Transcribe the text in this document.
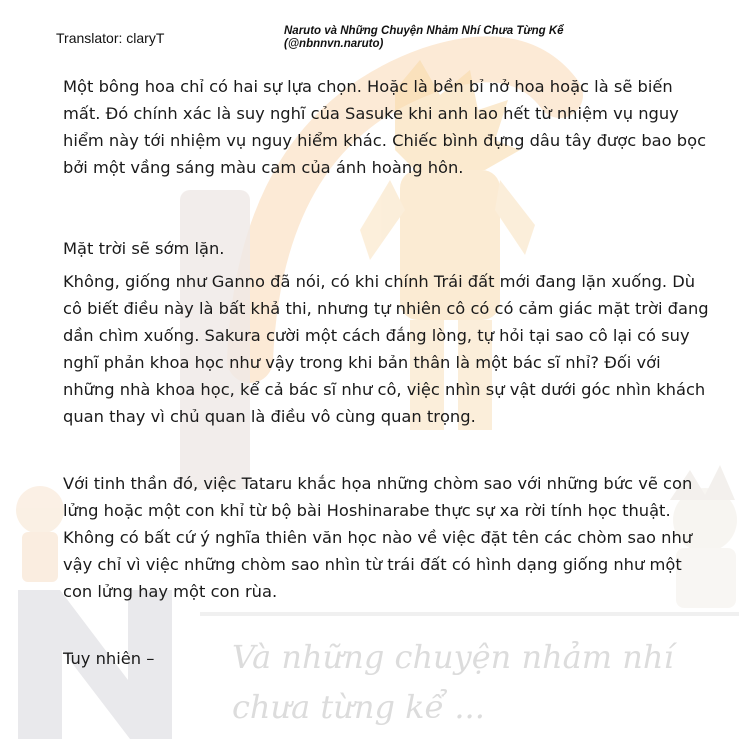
Và những chuyện nhảm nhí
chưa từng kể ...
Translator: claryT	Naruto và Những Chuyện Nhảm Nhí Chưa Từng Kể
(@nbnnvn.naruto)

Một bông hoa chỉ có hai sự lựa chọn. Hoặc là bền bỉ nở hoa hoặc là sẽ biến mất. Đó chính xác là suy nghĩ của Sasuke khi anh lao hết từ nhiệm vụ nguy hiểm này tới nhiệm vụ nguy hiểm khác. Chiếc bình đựng dâu tây được bao bọc bởi một vầng sáng màu cam của ánh hoàng hôn.

Mặt trời sẽ sớm lặn.

Không, giống như Ganno đã nói, có khi chính Trái đất mới đang lặn xuống. Dù cô biết điều này là bất khả thi, nhưng tự nhiên cô có có cảm giác mặt trời đang dần chìm xuống. Sakura cười một cách đắng lòng, tự hỏi tại sao cô lại có suy nghĩ phản khoa học như vậy trong khi bản thân là một bác sĩ nhỉ? Đối với những nhà khoa học, kể cả bác sĩ như cô, việc nhìn sự vật dưới góc nhìn khách quan thay vì chủ quan là điều vô cùng quan trọng.

Với tinh thần đó, việc Tataru khắc họa những chòm sao với những bức vẽ con lửng hoặc một con khỉ từ bộ bài Hoshinarabe thực sự xa rời tính học thuật. Không có bất cứ ý nghĩa thiên văn học nào về việc đặt tên các chòm sao như vậy chỉ vì việc những chòm sao nhìn từ trái đất có hình dạng giống như một con lửng hay một con rùa.

Tuy nhiên –
